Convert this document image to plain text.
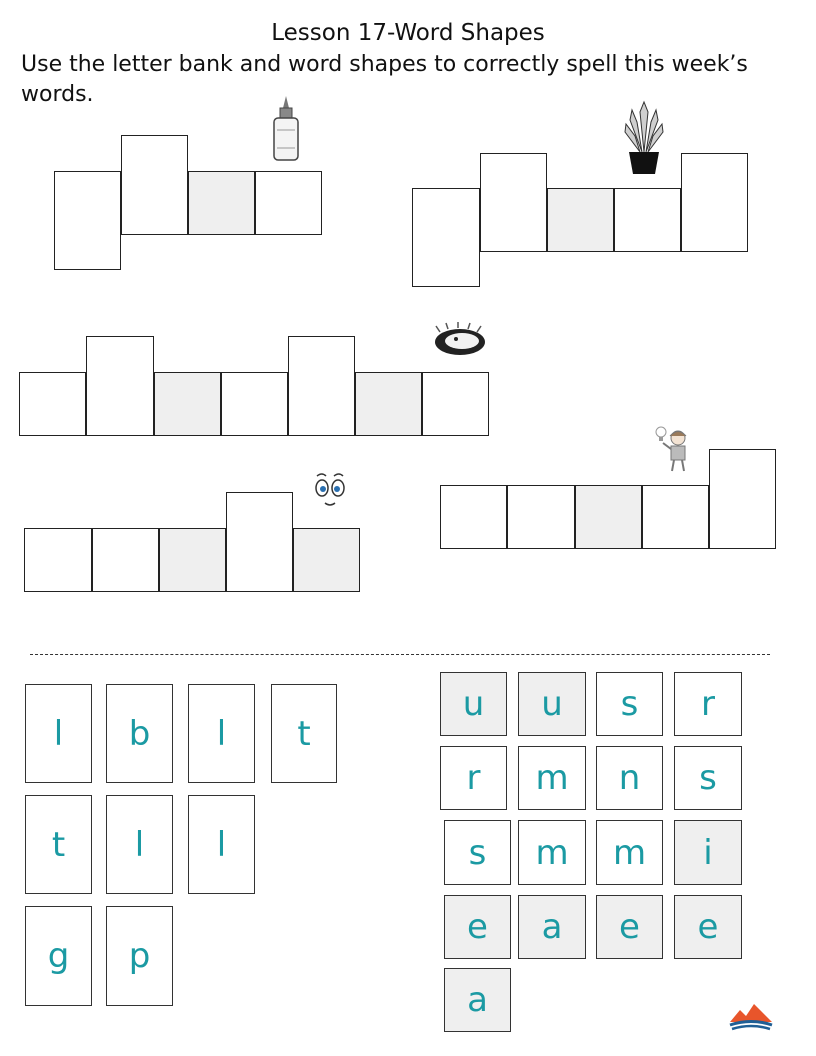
Lesson 17-Word Shapes
Use the letter bank and word shapes to correctly spell this week’s words.
l	b	l	t
t	l	l
g	p
u	u	s	r
r	m	n	s
s	m	m	i
e	a	e	e
a
